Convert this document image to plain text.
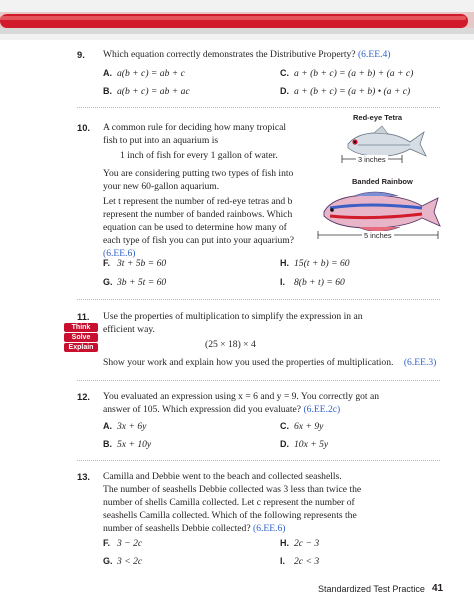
9. Which equation correctly demonstrates the Distributive Property? (6.EE.4)
A. a(b + c) = ab + c	C. a + (b + c) = (a + b) + (a + c)
B. a(b + c) = ab + ac	D. a + (b + c) = (a + b) • (a + c)
10. A common rule for deciding how many tropical
fish to put into an aquarium is
1 inch of fish for every 1 gallon of water.
You are considering putting two types of fish into
your new 60-gallon aquarium.
Let t represent the number of red-eye tetras and b
represent the number of banded rainbows. Which
equation can be used to determine how many of
each type of fish you can put into your aquarium?
(6.EE.6)
Red-eye Tetra
3 inches
Banded Rainbow
5 inches
F. 3t + 5b = 60	H. 15(t + b) = 60
G. 3b + 5t = 60	I. 8(b + t) = 60
11.
Think
Solve
Explain
Use the properties of multiplication to simplify the expression in an
efficient way.
(25 × 18) × 4
Show your work and explain how you used the properties of multiplication. (6.EE.3)
12. You evaluated an expression using x = 6 and y = 9. You correctly got an
answer of 105. Which expression did you evaluate? (6.EE.2c)
A. 3x + 6y	C. 6x + 9y
B. 5x + 10y	D. 10x + 5y
13. Camilla and Debbie went to the beach and collected seashells.
The number of seashells Debbie collected was 3 less than twice the
number of shells Camilla collected. Let c represent the number of
seashells Camilla collected. Which of the following represents the
number of seashells Debbie collected? (6.EE.6)
F. 3 − 2c	H. 2c − 3
G. 3 < 2c	I. 2c < 3
Standardized Test Practice 41
